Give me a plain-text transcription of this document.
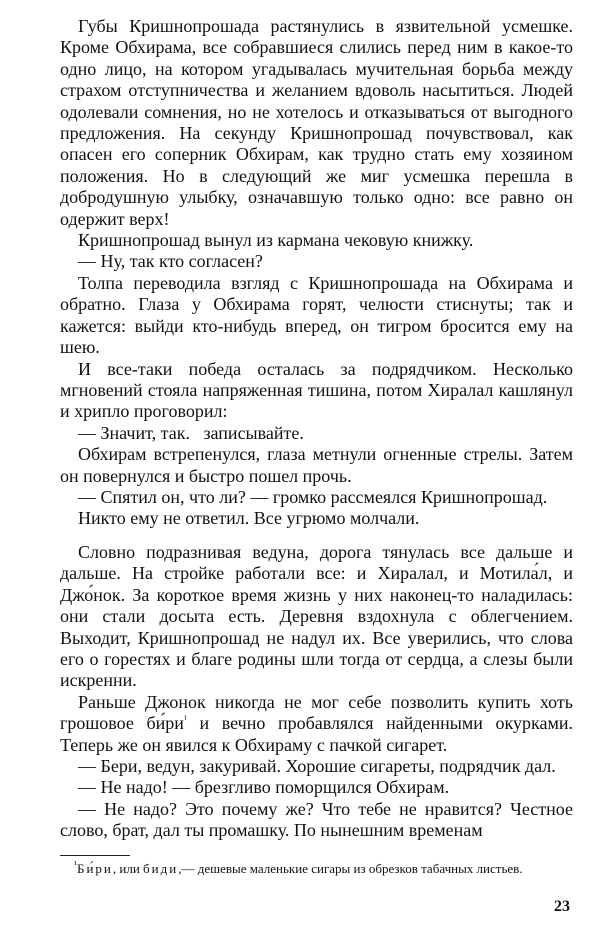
Губы Кришнопрошада растянулись в язвительной усмешке. Кроме Обхирама, все собравшиеся слились перед ним в какое-то одно лицо, на котором угадывалась мучительная борьба между страхом отступничества и желанием вдоволь насытиться. Людей одолевали сомнения, но не хотелось и отказываться от выгодного предложения. На секунду Кришнопрошад почувствовал, как опасен его соперник Обхирам, как трудно стать ему хозяином положения. Но в следующий же миг усмешка перешла в добродушную улыбку, означавшую только одно: все равно он одержит верх!

Кришнопрошад вынул из кармана чековую книжку.

— Ну, так кто согласен?

Толпа переводила взгляд с Кришнопрошада на Обхирама и обратно. Глаза у Обхирама горят, челюсти стиснуты; так и кажется: выйди кто-нибудь вперед, он тигром бросится ему на шею.

И все-таки победа осталась за подрядчиком. Несколько мгновений стояла напряженная тишина, потом Хиралал кашлянул и хрипло проговорил:

— Значит, так.   записывайте.

Обхирам встрепенулся, глаза метнули огненные стрелы. Затем он повернулся и быстро пошел прочь.

— Спятил он, что ли? — громко рассмеялся Кришнопрошад.

Никто ему не ответил. Все угрюмо молчали.

Словно подразнивая ведуна, дорога тянулась все дальше и дальше. На стройке работали все: и Хиралал, и Мотила́л, и Джо́нок. За короткое время жизнь у них наконец-то наладилась: они стали досыта есть. Деревня вздохнула с облегчением. Выходит, Кришнопрошад не надул их. Все уверились, что слова его о горестях и благе родины шли тогда от сердца, а слезы были искренни.

Раньше Джонок никогда не мог себе позволить купить хоть грошовое $би́ри^{^1}$ и вечно пробавлялся найденными окурками. Теперь же он явился к Обхираму с пачкой сигарет.

— Бери, ведун, закуривай. Хорошие сигареты, подрядчик дал.

— Не надо! — брезгливо поморщился Обхирам.

— Не надо? Это почему же? Что тебе не нравится? Честное слово, брат, дал ты промашку. По нынешним временам

$^{^1}$Би́ри, или биди,— дешевые маленькие сигары из обрезков табачных листьев.
23
